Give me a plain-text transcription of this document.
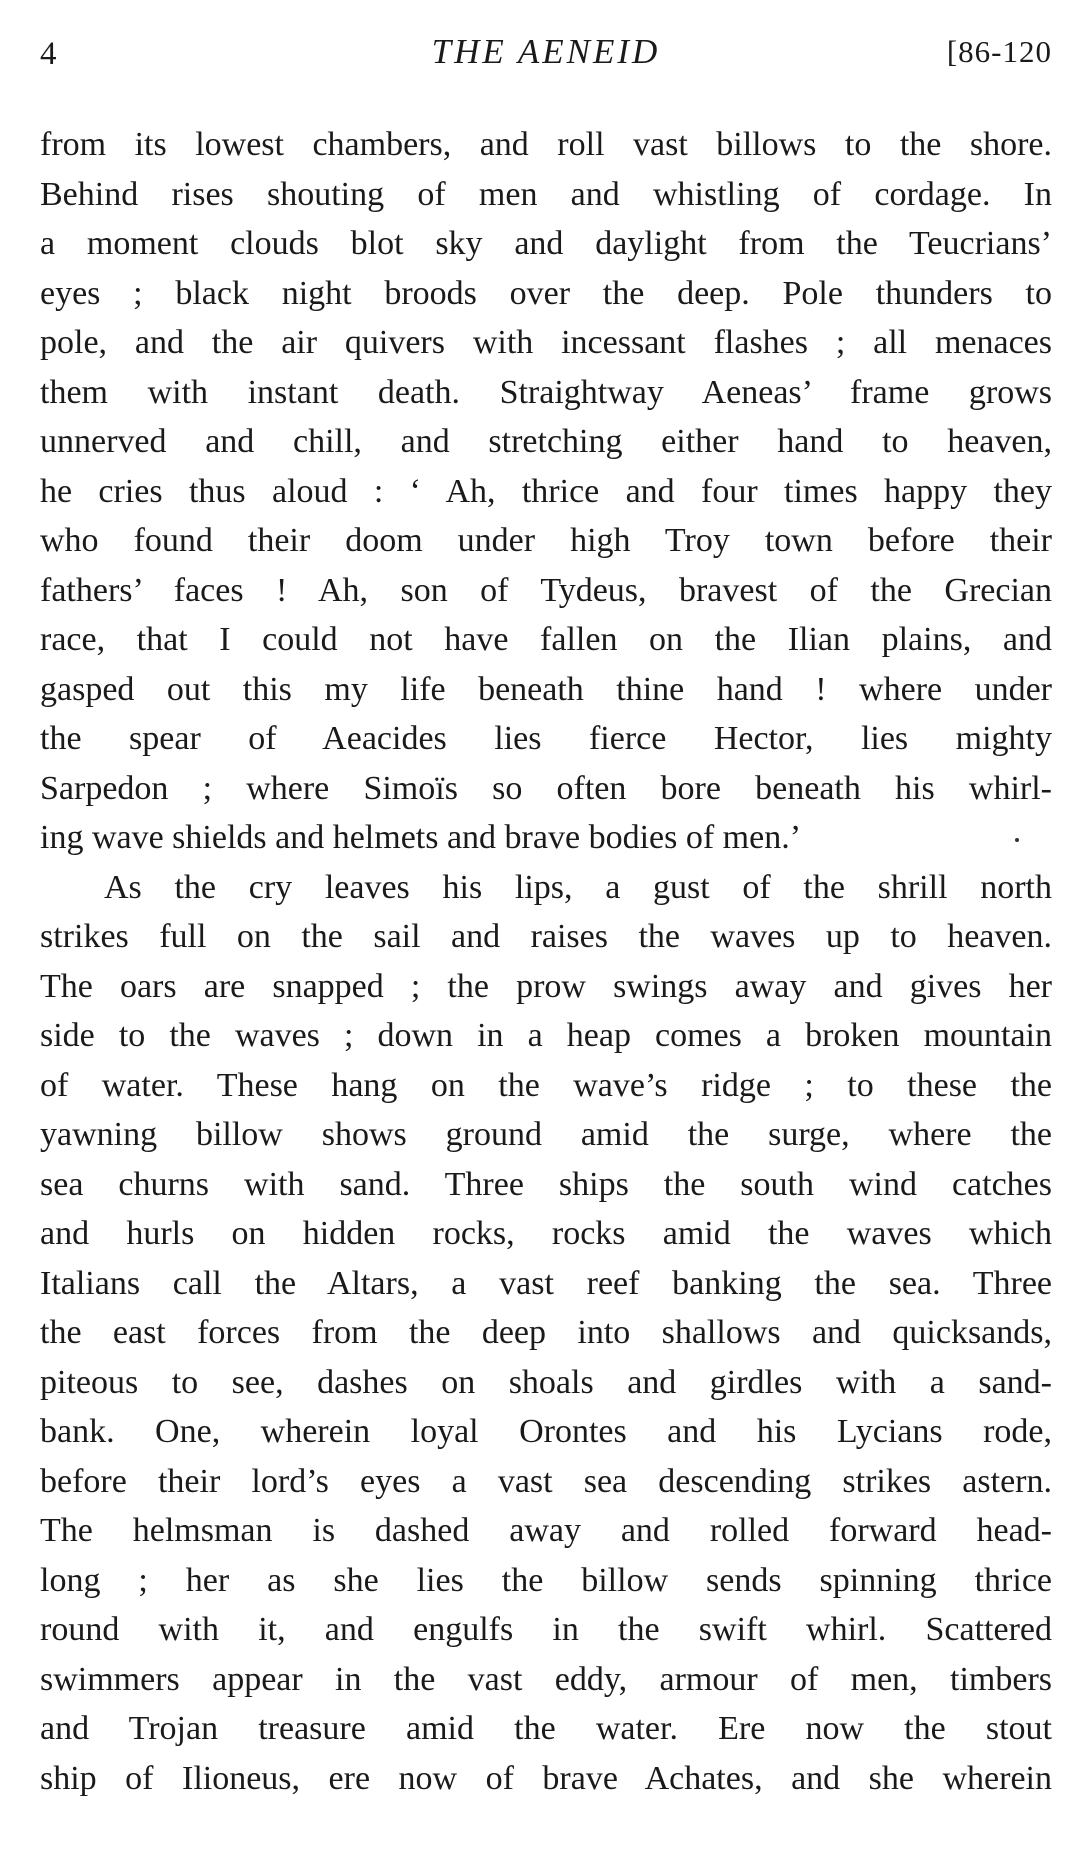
4	THE AENEID	[86-120
from its lowest chambers, and roll vast billows to the shore.
Behind rises shouting of men and whistling of cordage. In
a moment clouds blot sky and daylight from the Teucrians’
eyes ; black night broods over the deep. Pole thunders to
pole, and the air quivers with incessant flashes ; all menaces
them with instant death. Straightway Aeneas’ frame grows
unnerved and chill, and stretching either hand to heaven,
he cries thus aloud : ‘ Ah, thrice and four times happy they
who found their doom under high Troy town before their
fathers’ faces ! Ah, son of Tydeus, bravest of the Grecian
race, that I could not have fallen on the Ilian plains, and
gasped out this my life beneath thine hand ! where under
the spear of Aeacides lies fierce Hector, lies mighty
Sarpedon ; where Simoïs so often bore beneath his whirl-
ing wave shields and helmets and brave bodies of men.’
As the cry leaves his lips, a gust of the shrill north
strikes full on the sail and raises the waves up to heaven.
The oars are snapped ; the prow swings away and gives her
side to the waves ; down in a heap comes a broken mountain
of water. These hang on the wave’s ridge ; to these the
yawning billow shows ground amid the surge, where the
sea churns with sand. Three ships the south wind catches
and hurls on hidden rocks, rocks amid the waves which
Italians call the Altars, a vast reef banking the sea. Three
the east forces from the deep into shallows and quicksands,
piteous to see, dashes on shoals and girdles with a sand-
bank. One, wherein loyal Orontes and his Lycians rode,
before their lord’s eyes a vast sea descending strikes astern.
The helmsman is dashed away and rolled forward head-
long ; her as she lies the billow sends spinning thrice
round with it, and engulfs in the swift whirl. Scattered
swimmers appear in the vast eddy, armour of men, timbers
and Trojan treasure amid the water. Ere now the stout
ship of Ilioneus, ere now of brave Achates, and she wherein
